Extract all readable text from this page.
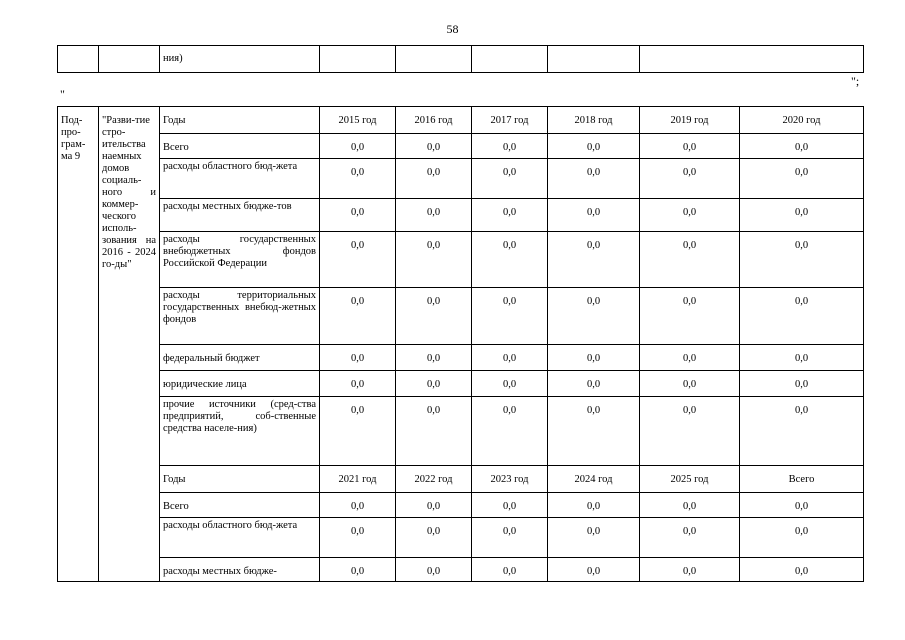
58
		ния)					
";
"
Под-про-грам-ма 9	"Разви-тие стро-ительства наемных домов социаль-ного и коммер-ческого исполь-зования на 2016 - 2024 го-ды"	Годы	2015 год	2016 год	2017 год	2018 год	2019 год	2020 год
		Всего	0,0	0,0	0,0	0,0	0,0	0,0
		расходы областного бюд-жета	0,0	0,0	0,0	0,0	0,0	0,0
		расходы местных бюдже-тов	0,0	0,0	0,0	0,0	0,0	0,0
		расходы государственных внебюджетных фондов Российской Федерации	0,0	0,0	0,0	0,0	0,0	0,0
		расходы территориальных государственных внебюд-жетных фондов	0,0	0,0	0,0	0,0	0,0	0,0
		федеральный бюджет	0,0	0,0	0,0	0,0	0,0	0,0
		юридические лица	0,0	0,0	0,0	0,0	0,0	0,0
		прочие источники (сред-ства предприятий, соб-ственные средства населе-ния)	0,0	0,0	0,0	0,0	0,0	0,0
		Годы	2021 год	2022 год	2023 год	2024 год	2025 год	Всего
		Всего	0,0	0,0	0,0	0,0	0,0	0,0
		расходы областного бюд-жета	0,0	0,0	0,0	0,0	0,0	0,0
		расходы местных бюдже-	0,0	0,0	0,0	0,0	0,0	0,0
